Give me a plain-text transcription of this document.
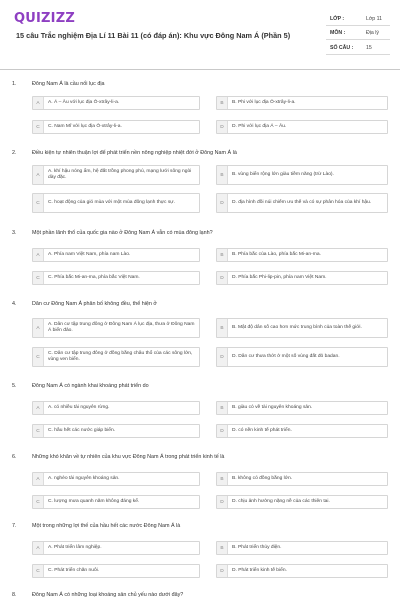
QUIZIZZ
15 câu Trắc nghiệm Địa Lí 11 Bài 11 (có đáp án): Khu vực Đông Nam Á (Phần 5)
LỚP :	Lớp 11
MÔN :	Địa lý
SỐ CÂU : 15
1.	Đông Nam Á là cầu nối lục địa
A	A. Á – Âu với lục địa Ô-xtrây-li-a.	B	B. Phi với lục địa Ô-xtrây-li-a.
C	C. Nam Mĩ với lục địa Ô-xtrây-li-a.	D	D. Phi với lục địa Á – Âu.
2.	Điều kiện tự nhiên thuận lợi để phát triển nền nông nghiệp nhiệt đới ở Đông Nam Á là
A
A. khí hậu nóng ẩm, hệ đất trồng phong phú, mạng lưới sông ngòi dày đặc.	B	B. vùng biển rộng lớn giàu tiềm năng (trừ Lào).
C	C. hoạt động của gió mùa với một mùa đông lạnh thực sự.	D	D. địa hình đồi núi chiếm ưu thế và có sự phân hóa của khí hậu.
3.	Một phần lãnh thổ của quốc gia nào ở Đông Nam Á vẫn có mùa đông lạnh?
A	A. Phía nam Việt Nam, phía nam Lào.	B	B. Phía bắc của Lào, phía bắc Mi-an-ma.
C	C. Phía bắc Mi-an-ma, phía bắc Việt Nam.	D	D. Phía bắc Phi-lip-pin, phía nam Việt Nam.
4.	Dân cư Đông Nam Á phân bố không đều, thể hiện ở
A
A. Dân cư tập trung đông ở Đông Nam Á lục địa, thưa ở Đông Nam Á biển đảo.	B	B. Mật độ dân số cao hơn mức trung bình của toàn thế giới.
C
C. Dân cư tập trung đông ở đồng bằng châu thổ của các sông lớn, vùng ven biển.	D	D. Dân cư thưa thớt ở một số vùng đất đỏ badan.
5.	Đông Nam Á có ngành khai khoáng phát triển do
A	A. có nhiều tài nguyên rừng.	B	B. giàu có về tài nguyên khoáng sản.
C	C. hầu hết các nước giáp biển.	D	D. có nền kinh tế phát triển.
6.	Những khó khăn về tự nhiên của khu vực Đông Nam Á trong phát triển kinh tế là
A	A. nghèo tài nguyên khoáng sản.	B	B. không có đồng bằng lớn.
C	C. lượng mưa quanh năm không đáng kể.	D	D. chịu ảnh hưởng nặng nề của các thiên tai.
7.	Một trong những lợi thế của hầu hết các nước Đông Nam Á là
A	A. Phát triển lâm nghiệp.	B	B. Phát triển thủy điện.
C	C. Phát triển chăn nuôi.	D	D. Phát triển kinh tế biển.
8.	Đông Nam Á có những loại khoáng sản chủ yếu nào dưới đây?
